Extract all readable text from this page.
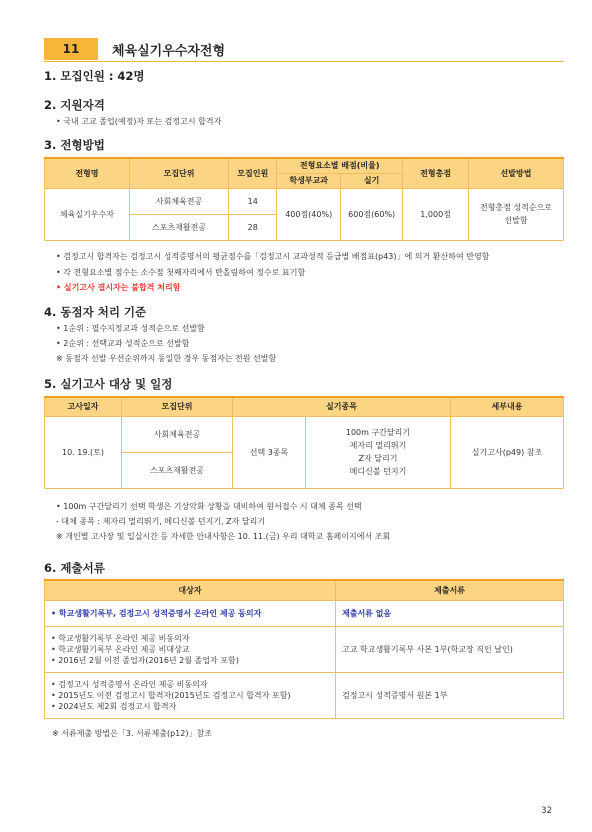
11	체육실기우수자전형
1. 모집인원 : 42명
2. 지원자격
• 국내 고교 졸업(예정)자 또는 검정고시 합격자
3. 전형방법
전형명	모집단위	모집인원	전형요소별 배점(비율)		전형총점	선발방법
			학생부교과	실기		
체육실기우수자	사회체육전공	14	400점(40%)	600점(60%)	1,000점	전형총점 성적순으로 선발함
	스포츠재활전공	28				
• 검정고시 합격자는 검정고시 성적증명서의 평균점수를「검정고시 교과성적 등급별 배점표(p43)」에 의거 환산하여 반영함
• 각 전형요소별 점수는 소수점 첫째자리에서 반올림하여 정수로 표기함
• 실기고사 결시자는 불합격 처리함
4. 동점자 처리 기준
• 1순위 : 필수지정교과 성적순으로 선발함
• 2순위 : 선택교과 성적순으로 선발함
※ 동점자 선발 우선순위까지 동일한 경우 동점자는 전원 선발함
5. 실기고사 대상 및 일정
고사일자	모집단위	실기종목		세부내용
10. 19.(토)	사회체육전공	선택 3종목	100m 구간달리기
제자리 멀리뛰기
Z자 달리기
메디신볼 던지기	실기고사(p49) 참조
	스포츠재활전공			
• 100m 구간달리기 선택 학생은 기상악화 상황을 대비하여 원서접수 시 대체 종목 선택
- 대체 종목 : 제자리 멀리뛰기, 메디신볼 던지기, Z자 달리기
※ 개인별 고사장 및 입실시간 등 자세한 안내사항은 10. 11.(금) 우리 대학교 홈페이지에서 조회
6. 제출서류
대상자	제출서류

• 학교생활기록부, 검정고시 성적증명서 온라인 제공 동의자	제출서류 없음

• 학교생활기록부 온라인 제공 비동의자
• 학교생활기록부 온라인 제공 비대상교
• 2016년 2월 이전 졸업자(2016년 2월 졸업자 포함)	고교 학교생활기록부 사본 1부(학교장 직인 날인)

• 검정고시 성적증명서 온라인 제공 비동의자
• 2015년도 이전 검정고시 합격자(2015년도 검정고시 합격자 포함)
• 2024년도 제2회 검정고시 합격자	검정고시 성적증명서 원본 1부
※ 서류제출 방법은「3. 서류제출(p12)」참조
32
